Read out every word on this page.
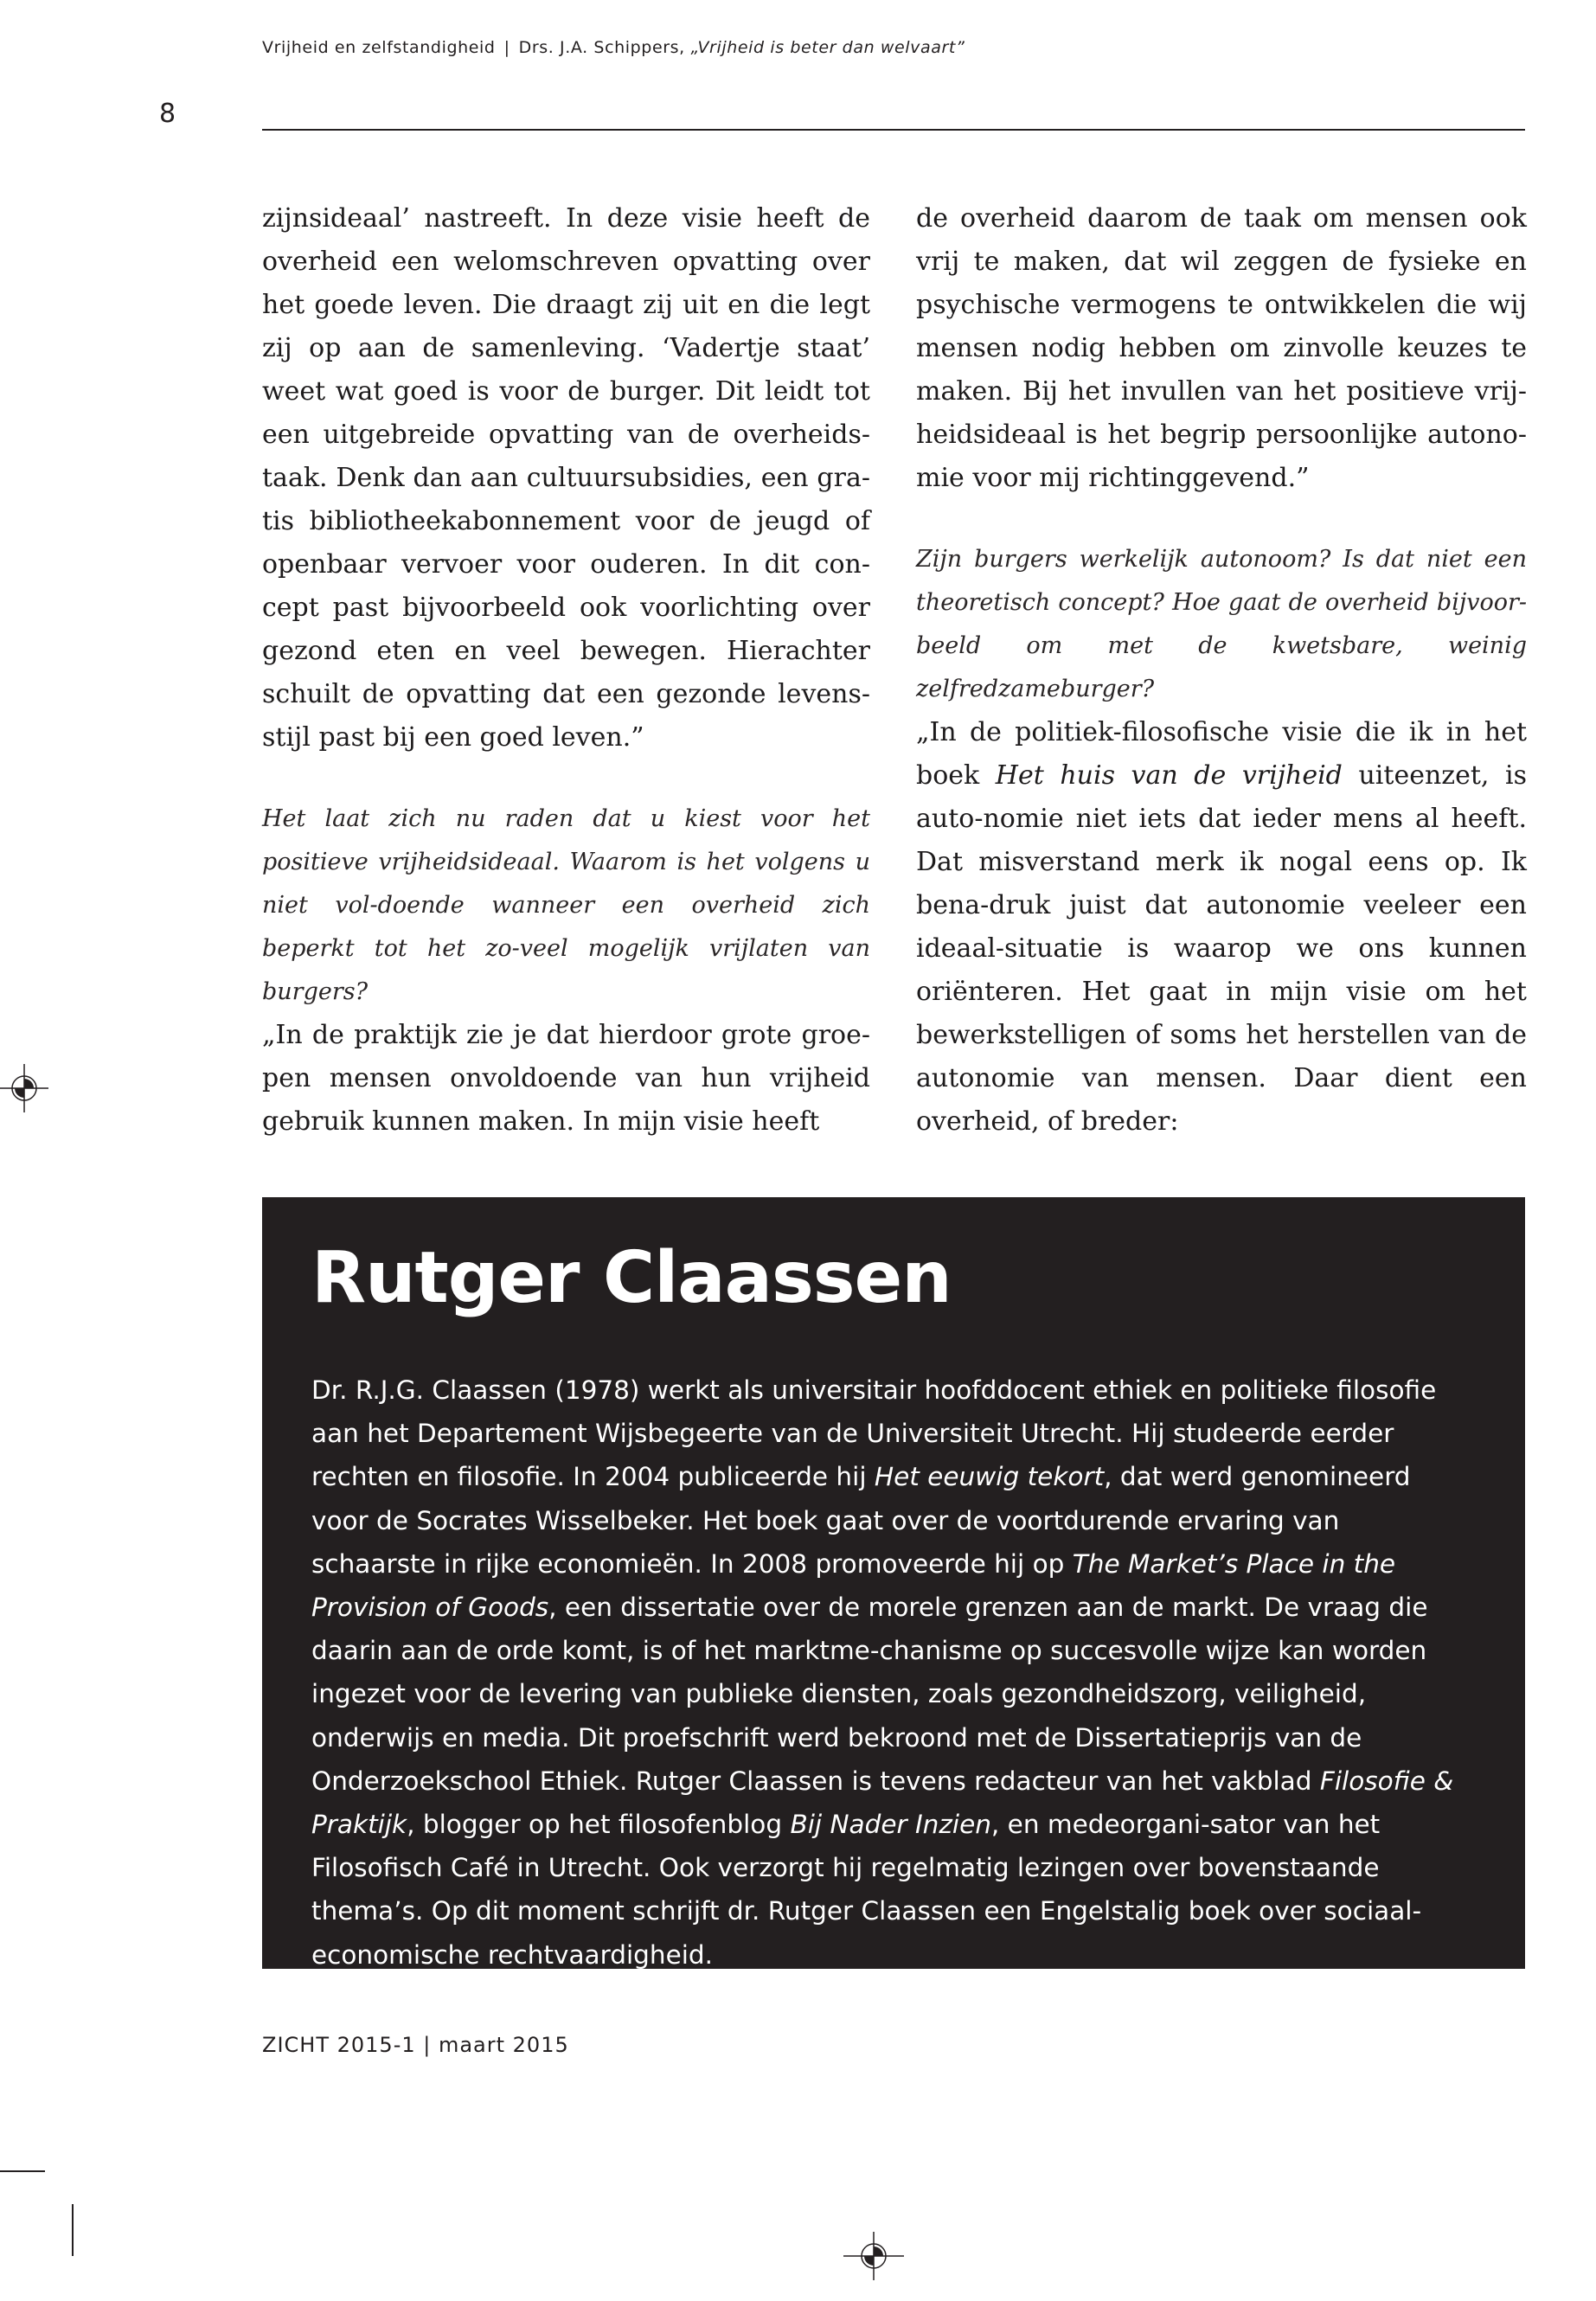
Vrijheid en zelfstandigheid | Drs. J.A. Schippers, „Vrijheid is beter dan welvaart”
8

zijnsideaal’ nastreeft. In deze visie heeft de overheid een welomschreven opvatting over het goede leven. Die draagt zij uit en die legt zij op aan de samenleving. ‘Vadertje staat’ weet wat goed is voor de burger. Dit leidt tot een uitgebreide opvatting van de overheids-taak. Denk dan aan cultuursubsidies, een gra-tis bibliotheekabonnement voor de jeugd of openbaar vervoer voor ouderen. In dit con-cept past bijvoorbeeld ook voorlichting over gezond eten en veel bewegen. Hierachter schuilt de opvatting dat een gezonde levens-stijl past bij een goed leven.”

Het laat zich nu raden dat u kiest voor het positieve vrijheidsideaal. Waarom is het volgens u niet vol-doende wanneer een overheid zich beperkt tot het zo-veel mogelijk vrijlaten van burgers?

„In de praktijk zie je dat hierdoor grote groe-pen mensen onvoldoende van hun vrijheid gebruik kunnen maken. In mijn visie heeft

de overheid daarom de taak om mensen ook vrij te maken, dat wil zeggen de fysieke en psychische vermogens te ontwikkelen die wij mensen nodig hebben om zinvolle keuzes te maken. Bij het invullen van het positieve vrij-heidsideaal is het begrip persoonlijke autono-mie voor mij richtinggevend.”

Zijn burgers werkelijk autonoom? Is dat niet een theoretisch concept? Hoe gaat de overheid bijvoor-beeld om met de kwetsbare, weinig zelfredzameburger?

„In de politiek-filosofische visie die ik in het boek Het huis van de vrijheid uiteenzet, is auto-nomie niet iets dat ieder mens al heeft. Dat misverstand merk ik nogal eens op. Ik bena-druk juist dat autonomie veeleer een ideaal-situatie is waarop we ons kunnen oriënteren. Het gaat in mijn visie om het bewerkstelligen of soms het herstellen van de autonomie van mensen. Daar dient een overheid, of breder:

Rutger Claassen

Dr. R.J.G. Claassen (1978) werkt als universitair hoofddocent ethiek en politieke filosofie aan het Departement Wijsbegeerte van de Universiteit Utrecht. Hij studeerde eerder rechten en filosofie. In 2004 publiceerde hij Het eeuwig tekort, dat werd genomineerd voor de Socrates Wisselbeker. Het boek gaat over de voortdurende ervaring van schaarste in rijke economieën. In 2008 promoveerde hij op The Market’s Place in the Provision of Goods, een dissertatie over de morele grenzen aan de markt. De vraag die daarin aan de orde komt, is of het marktme-chanisme op succesvolle wijze kan worden ingezet voor de levering van publieke diensten, zoals gezondheidszorg, veiligheid, onderwijs en media. Dit proefschrift werd bekroond met de Dissertatieprijs van de Onderzoekschool Ethiek. Rutger Claassen is tevens redacteur van het vakblad Filosofie & Praktijk, blogger op het filosofenblog Bij Nader Inzien, en medeorgani-sator van het Filosofisch Café in Utrecht. Ook verzorgt hij regelmatig lezingen over bovenstaande thema’s. Op dit moment schrijft dr. Rutger Claassen een Engelstalig boek over sociaal-economische rechtvaardigheid.

ZICHT 2015-1 | maart 2015
